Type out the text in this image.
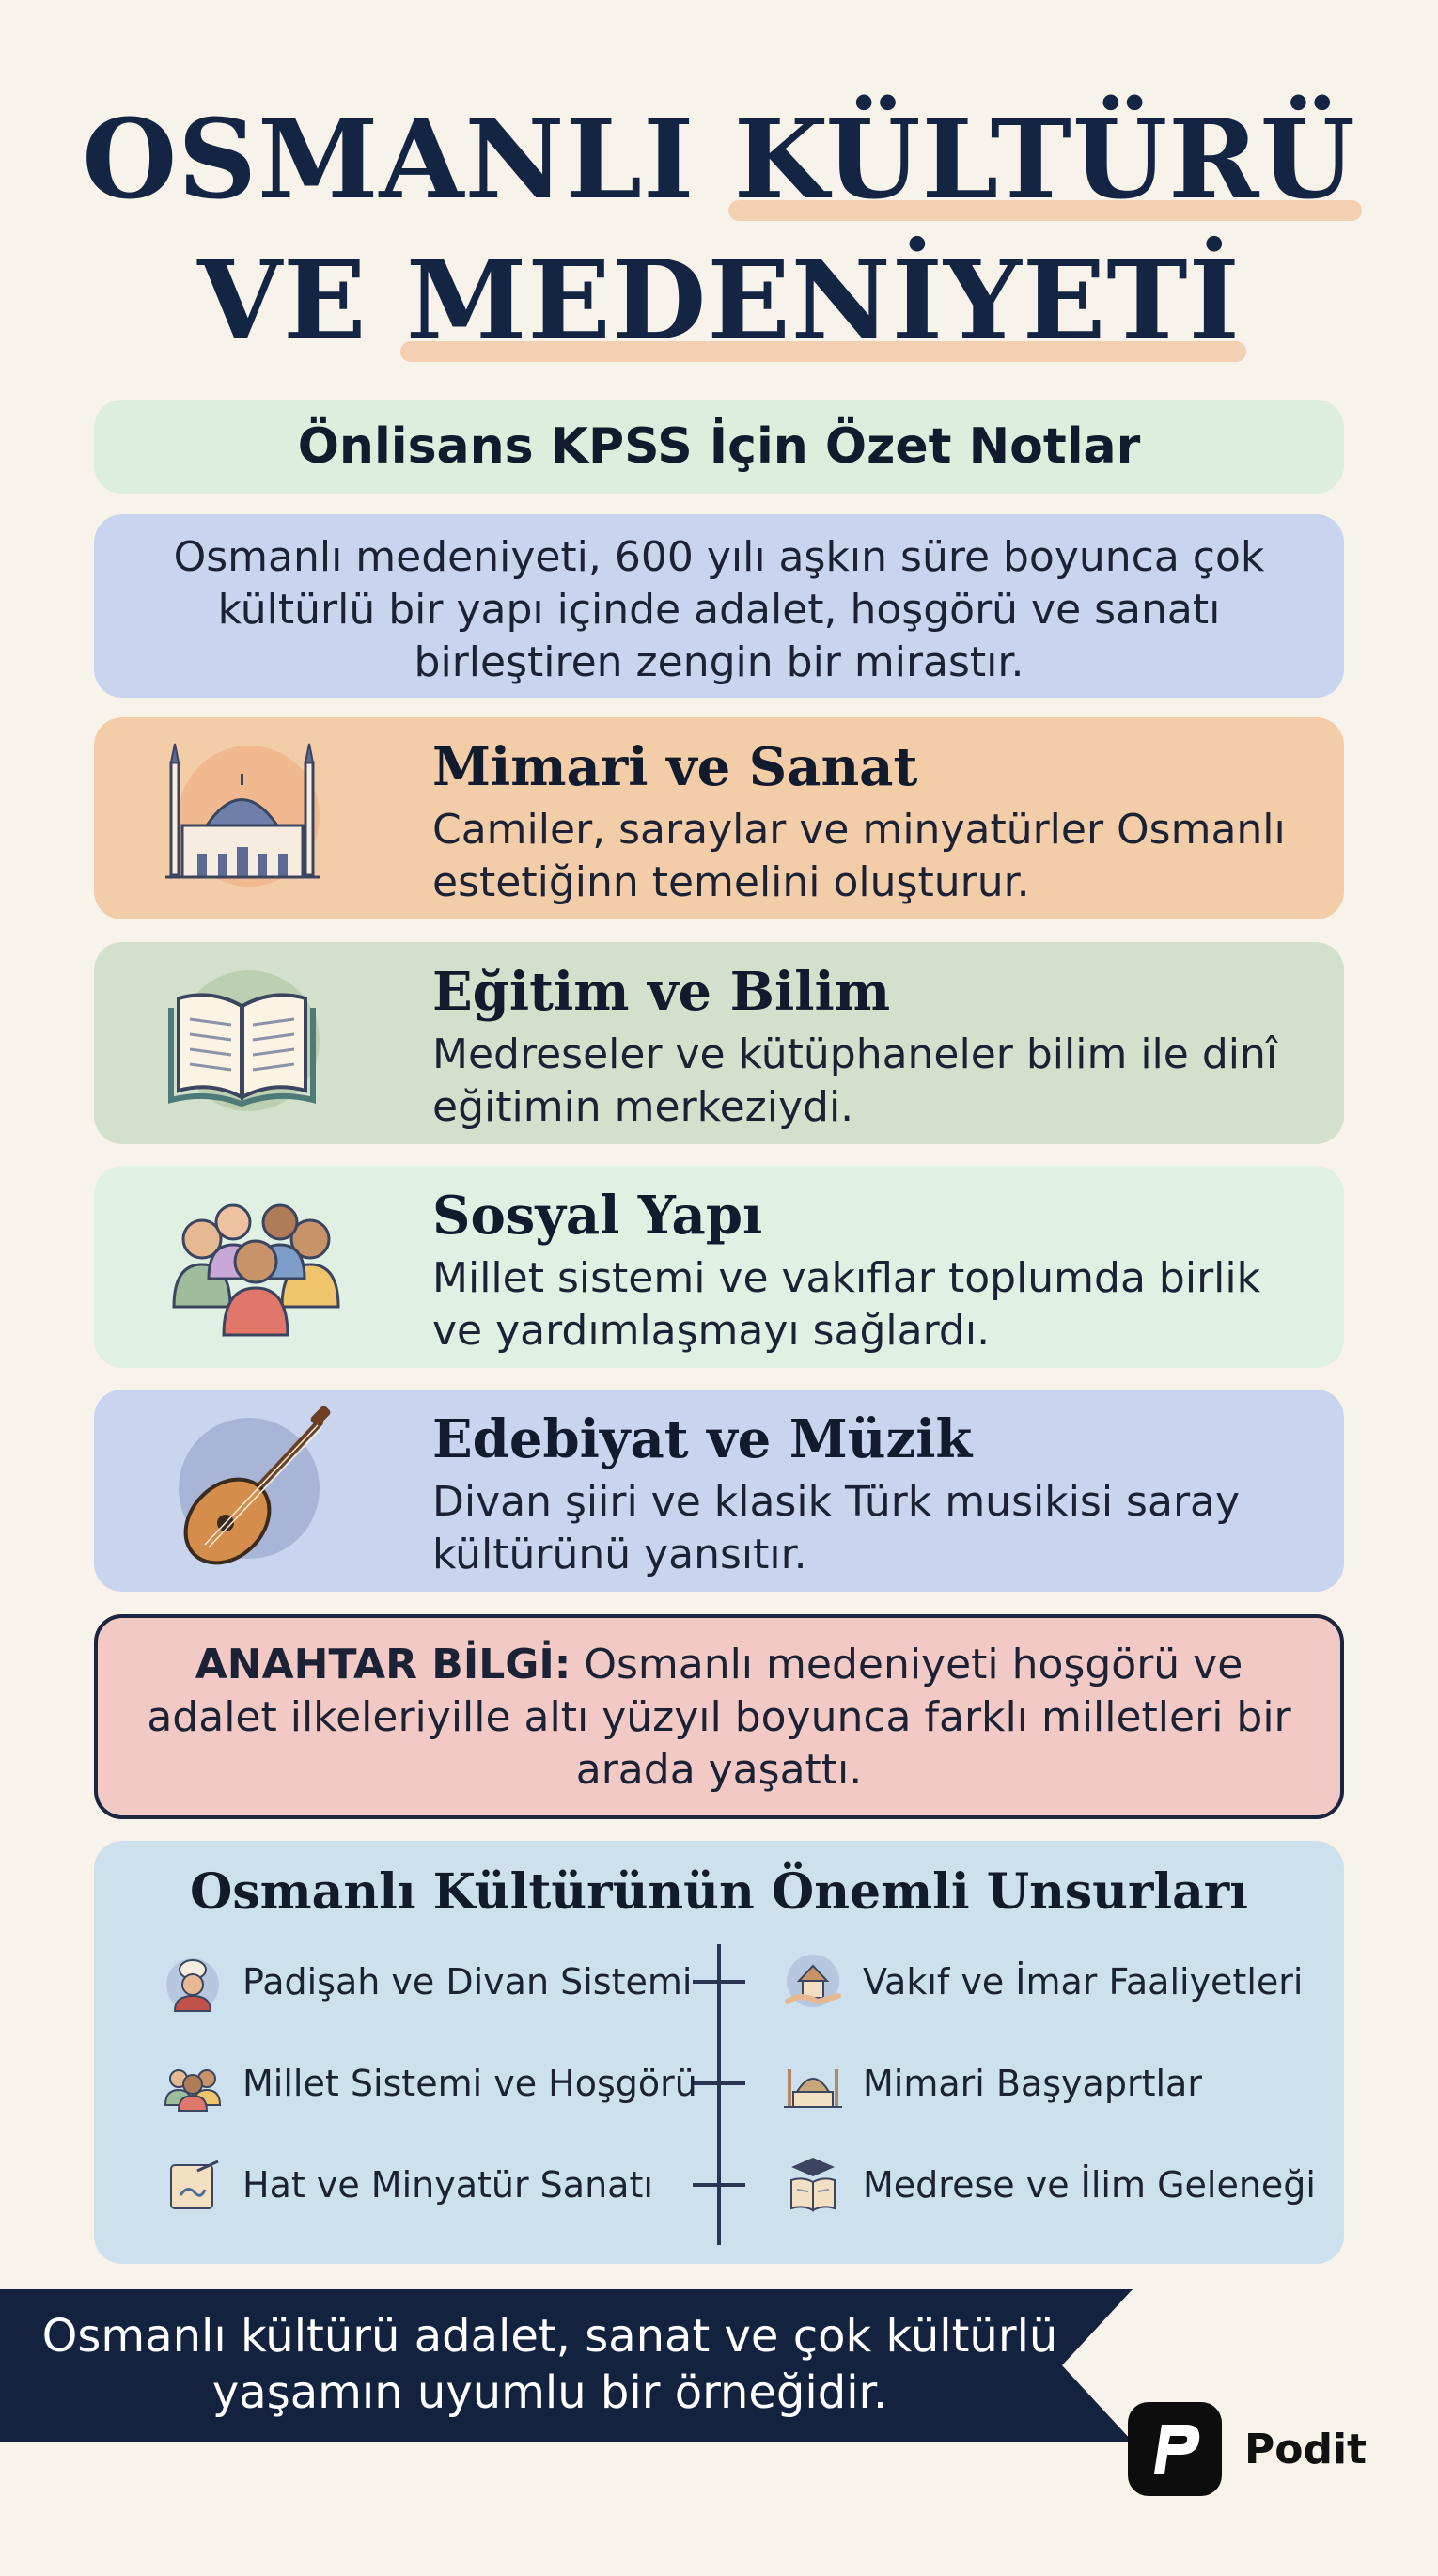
OSMANLI KÜLTÜRÜ
VE MEDENİYETİ
Önlisans KPSS İçin Özet Notlar
Osmanlı medeniyeti, 600 yılı aşkın süre boyunca çok kültürlü bir yapı içinde adalet, hoşgörü ve sanatı birleştiren zengin bir mirastır.
Mimari ve Sanat
Camiler, saraylar ve minyatürler Osmanlı estetiğinn temelini oluşturur.
Eğitim ve Bilim
Medreseler ve kütüphaneler bilim ile dinî eğitimin merkeziydi.
Sosyal Yapı
Millet sistemi ve vakıflar toplumda birlik ve yardımlaşmayı sağlardı.
Edebiyat ve Müzik
Divan şiiri ve klasik Türk musikisi saray kültürünü yansıtır.
ANAHTAR BİLGİ: Osmanlı medeniyeti hoşgörü ve adalet ilkeleriyille altı yüzyıl boyunca farklı milletleri bir arada yaşattı.
Osmanlı Kültürünün Önemli Unsurları
Padişah ve Divan Sistemi
Millet Sistemi ve Hoşgörü
Hat ve Minyatür Sanatı
Vakıf ve İmar Faaliyetleri
Mimari Başyaprtlar
Medrese ve İlim Geleneği
Osmanlı kültürü adalet, sanat ve çok kültürlü yaşamın uyumlu bir örneğidir.
Podit
